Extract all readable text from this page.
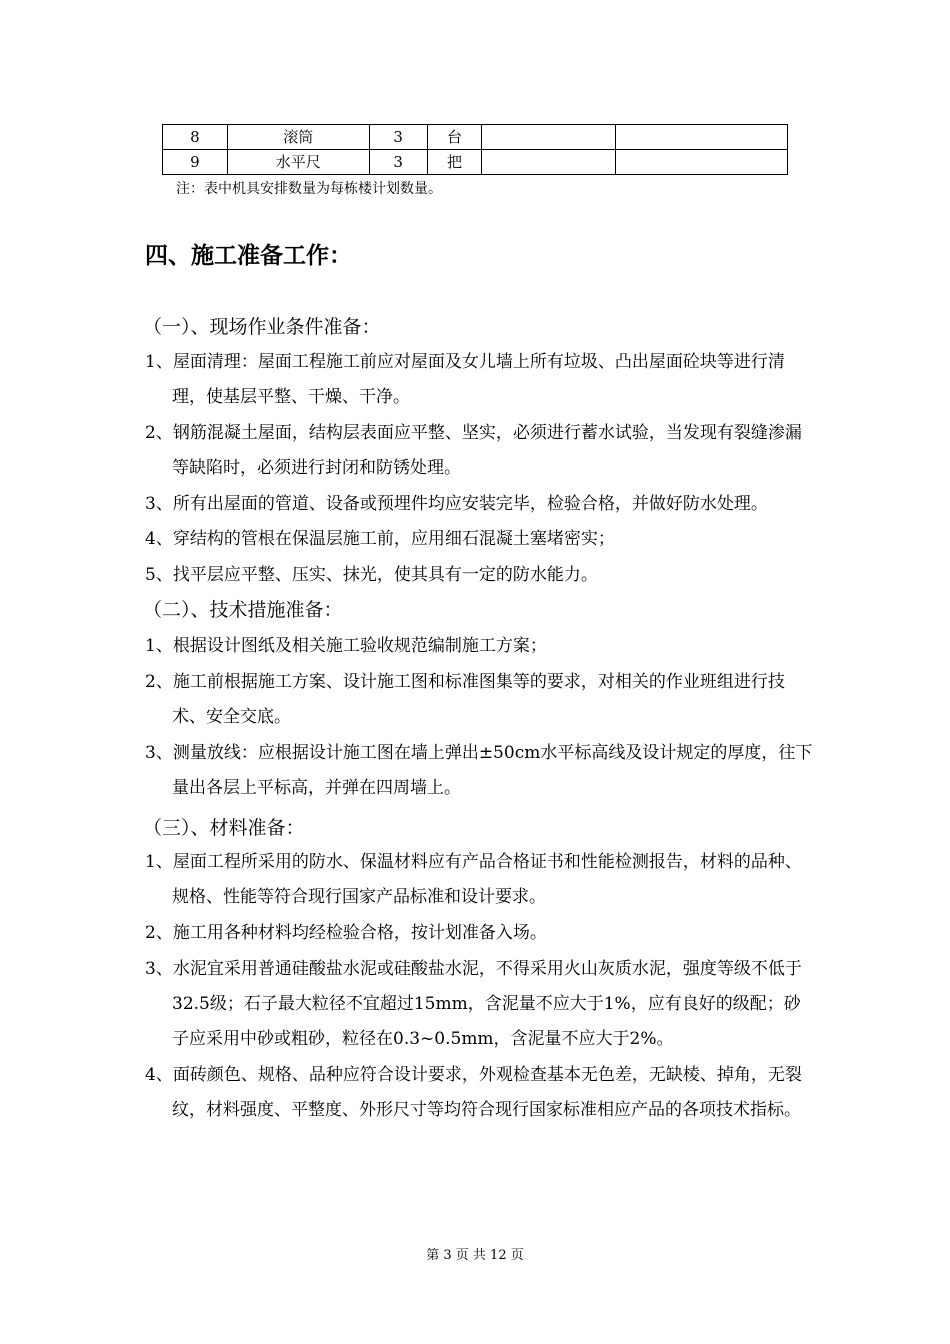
8	滚筒	3	台		
9	水平尺	3	把		
注：表中机具安排数量为每栋楼计划数量。
四、施工准备工作：
（一）、现场作业条件准备：
1、屋面清理：屋面工程施工前应对屋面及女儿墙上所有垃圾、凸出屋面砼块等进行清理，使基层平整、干燥、干净。
2、钢筋混凝土屋面，结构层表面应平整、坚实，必须进行蓄水试验，当发现有裂缝渗漏等缺陷时，必须进行封闭和防锈处理。
3、所有出屋面的管道、设备或预埋件均应安装完毕，检验合格，并做好防水处理。
4、穿结构的管根在保温层施工前，应用细石混凝土塞堵密实；
5、找平层应平整、压实、抹光，使其具有一定的防水能力。
（二）、技术措施准备：
1、根据设计图纸及相关施工验收规范编制施工方案；
2、施工前根据施工方案、设计施工图和标准图集等的要求，对相关的作业班组进行技术、安全交底。
3、测量放线：应根据设计施工图在墙上弹出±50cm水平标高线及设计规定的厚度，往下量出各层上平标高，并弹在四周墙上。
（三）、材料准备：
1、屋面工程所采用的防水、保温材料应有产品合格证书和性能检测报告，材料的品种、规格、性能等符合现行国家产品标准和设计要求。
2、施工用各种材料均经检验合格，按计划准备入场。
3、水泥宜采用普通硅酸盐水泥或硅酸盐水泥，不得采用火山灰质水泥，强度等级不低于32.5级；石子最大粒径不宜超过15mm，含泥量不应大于1%，应有良好的级配；砂子应采用中砂或粗砂，粒径在0.3~0.5mm，含泥量不应大于2%。
4、面砖颜色、规格、品种应符合设计要求，外观检查基本无色差，无缺棱、掉角，无裂纹，材料强度、平整度、外形尺寸等均符合现行国家标准相应产品的各项技术指标。
第 3 页 共 12 页
